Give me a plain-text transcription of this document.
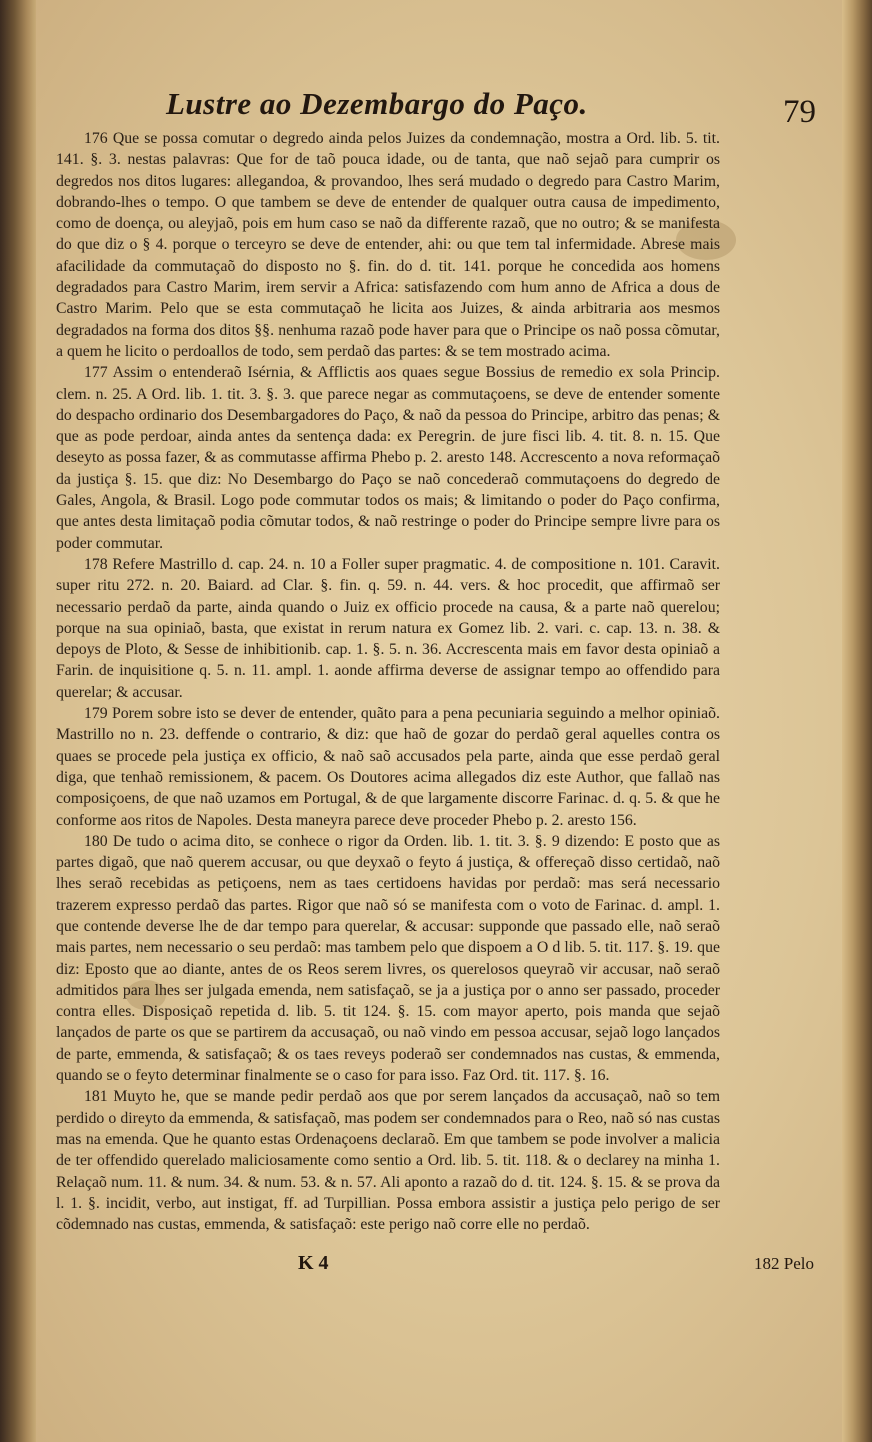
Lustre ao Dezembargo do Paço.	79

176 Que se possa comutar o degredo ainda pelos Juizes da condemnação, mostra a Ord. lib. 5. tit. 141. §. 3. nestas palavras: Que for de taõ pouca idade, ou de tanta, que naõ sejaõ para cumprir os degredos nos ditos lugares: allegandoa, & provandoo, lhes será mudado o degredo para Castro Marim, dobrando-lhes o tempo. O que tambem se deve de entender de qualquer outra causa de impedimento, como de doença, ou aleyjaõ, pois em hum caso se naõ da differente razaõ, que no outro; & se manifesta do que diz o § 4. porque o terceyro se deve de entender, ahi: ou que tem tal infermidade. Abrese mais afacilidade da commutaçaõ do disposto no §. fin. do d. tit. 141. porque he concedida aos homens degradados para Castro Marim, irem servir a Africa: satisfazendo com hum anno de Africa a dous de Castro Marim. Pelo que se esta commutaçaõ he licita aos Juizes, & ainda arbitraria aos mesmos degradados na forma dos ditos §§. nenhuma razaõ pode haver para que o Principe os naõ possa cõmutar, a quem he licito o perdoallos de todo, sem perdaõ das partes: & se tem mostrado acima.

177 Assim o entenderaõ Isérnia, & Afflictis aos quaes segue Bossius de remedio ex sola Princip. clem. n. 25. A Ord. lib. 1. tit. 3. §. 3. que parece negar as commutaçoens, se deve de entender somente do despacho ordinario dos Desembargadores do Paço, & naõ da pessoa do Principe, arbitro das penas; & que as pode perdoar, ainda antes da sentença dada: ex Peregrin. de jure fisci lib. 4. tit. 8. n. 15. Que deseyto as possa fazer, & as commutasse affirma Phebo p. 2. aresto 148. Accrescento a nova reformaçaõ da justiça §. 15. que diz: No Desembargo do Paço se naõ concederaõ commutaçoens do degredo de Gales, Angola, & Brasil. Logo pode commutar todos os mais; & limitando o poder do Paço confirma, que antes desta limitaçaõ podia cõmutar todos, & naõ restringe o poder do Principe sempre livre para os poder commutar.

178 Refere Mastrillo d. cap. 24. n. 10 a Foller super pragmatic. 4. de compositione n. 101. Caravit. super ritu 272. n. 20. Baiard. ad Clar. §. fin. q. 59. n. 44. vers. & hoc procedit, que affirmaõ ser necessario perdaõ da parte, ainda quando o Juiz ex officio procede na causa, & a parte naõ querelou; porque na sua opiniaõ, basta, que existat in rerum natura ex Gomez lib. 2. vari. c. cap. 13. n. 38. & depoys de Ploto, & Sesse de inhibitionib. cap. 1. §. 5. n. 36. Accrescenta mais em favor desta opiniaõ a Farin. de inquisitione q. 5. n. 11. ampl. 1. aonde affirma deverse de assignar tempo ao offendido para querelar; & accusar.

179 Porem sobre isto se dever de entender, quãto para a pena pecuniaria seguindo a melhor opiniaõ. Mastrillo no n. 23. deffende o contrario, & diz: que haõ de gozar do perdaõ geral aquelles contra os quaes se procede pela justiça ex officio, & naõ saõ accusados pela parte, ainda que esse perdaõ geral diga, que tenhaõ remissionem, & pacem. Os Doutores acima allegados diz este Author, que fallaõ nas composiçoens, de que naõ uzamos em Portugal, & de que largamente discorre Farinac. d. q. 5. & que he conforme aos ritos de Napoles. Desta maneyra parece deve proceder Phebo p. 2. aresto 156.

180 De tudo o acima dito, se conhece o rigor da Orden. lib. 1. tit. 3. §. 9 dizendo: E posto que as partes digaõ, que naõ querem accusar, ou que deyxaõ o feyto á justiça, & offereçaõ disso certidaõ, naõ lhes seraõ recebidas as petiçoens, nem as taes certidoens havidas por perdaõ: mas será necessario trazerem expresso perdaõ das partes. Rigor que naõ só se manifesta com o voto de Farinac. d. ampl. 1. que contende deverse lhe de dar tempo para querelar, & accusar: supponde que passado elle, naõ seraõ mais partes, nem necessario o seu perdaõ: mas tambem pelo que dispoem a O d lib. 5. tit. 117. §. 19. que diz: Eposto que ao diante, antes de os Reos serem livres, os querelosos queyraõ vir accusar, naõ seraõ admitidos para lhes ser julgada emenda, nem satisfaçaõ, se ja a justiça por o anno ser passado, proceder contra elles. Disposiçaõ repetida d. lib. 5. tit 124. §. 15. com mayor aperto, pois manda que sejaõ lançados de parte os que se partirem da accusaçaõ, ou naõ vindo em pessoa accusar, sejaõ logo lançados de parte, emmenda, & satisfaçaõ; & os taes reveys poderaõ ser condemnados nas custas, & emmenda, quando se o feyto determinar finalmente se o caso for para isso. Faz Ord. tit. 117. §. 16.

181 Muyto he, que se mande pedir perdaõ aos que por serem lançados da accusaçaõ, naõ so tem perdido o direyto da emmenda, & satisfaçaõ, mas podem ser condemnados para o Reo, naõ só nas custas mas na emenda. Que he quanto estas Ordenaçoens declaraõ. Em que tambem se pode involver a malicia de ter offendido querelado maliciosamente como sentio a Ord. lib. 5. tit. 118. & o declarey na minha 1. Relaçaõ num. 11. & num. 34. & num. 53. & n. 57. Ali aponto a razaõ do d. tit. 124. §. 15. & se prova da l. 1. §. incidit, verbo, aut instigat, ff. ad Turpillian. Possa embora assistir a justiça pelo perigo de ser cõdemnado nas custas, emmenda, & satisfaçaõ: este perigo naõ corre elle no perdaõ.

K 4	182 Pelo
